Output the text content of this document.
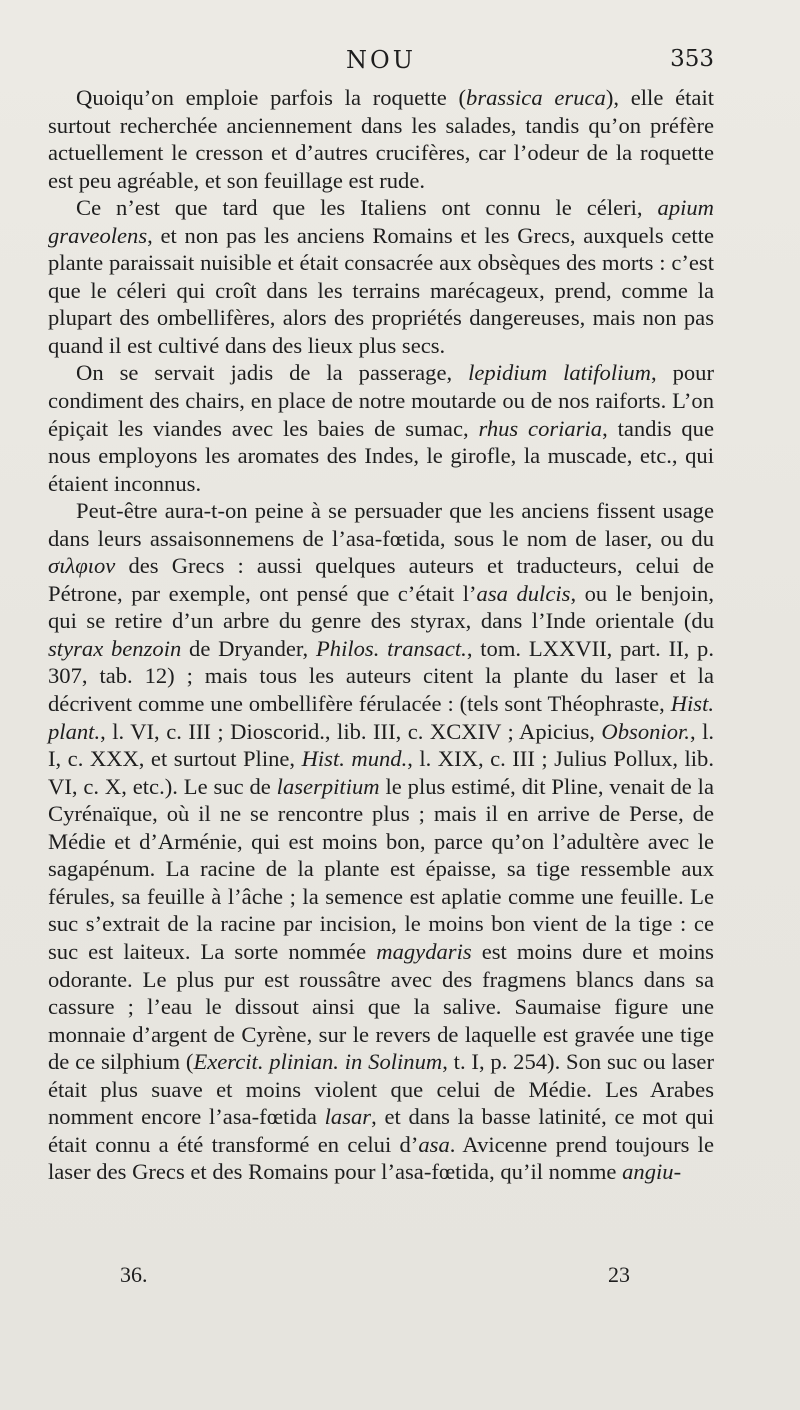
NOU	353

Quoiqu’on emploie parfois la roquette (brassica eruca), elle était surtout recherchée anciennement dans les salades, tandis qu’on préfère actuellement le cresson et d’autres crucifères, car l’odeur de la roquette est peu agréable, et son feuillage est rude.

Ce n’est que tard que les Italiens ont connu le céleri, apium graveolens, et non pas les anciens Romains et les Grecs, auxquels cette plante paraissait nuisible et était consacrée aux obsèques des morts : c’est que le céleri qui croît dans les terrains marécageux, prend, comme la plupart des ombellifères, alors des propriétés dangereuses, mais non pas quand il est cultivé dans des lieux plus secs.

On se servait jadis de la passerage, lepidium latifolium, pour condiment des chairs, en place de notre moutarde ou de nos raiforts. L’on épiçait les viandes avec les baies de sumac, rhus coriaria, tandis que nous employons les aromates des Indes, le girofle, la muscade, etc., qui étaient inconnus.

Peut-être aura-t-on peine à se persuader que les anciens fissent usage dans leurs assaisonnemens de l’asa-fœtida, sous le nom de laser, ou du σιλφιον des Grecs : aussi quelques auteurs et traducteurs, celui de Pétrone, par exemple, ont pensé que c’était l’asa dulcis, ou le benjoin, qui se retire d’un arbre du genre des styrax, dans l’Inde orientale (du styrax benzoin de Dryander, Philos. transact., tom. LXXVII, part. II, p. 307, tab. 12) ; mais tous les auteurs citent la plante du laser et la décrivent comme une ombellifère férulacée : (tels sont Théophraste, Hist. plant., l. VI, c. III ; Dioscorid., lib. III, c. XCXIV ; Apicius, Obsonior., l. I, c. XXX, et surtout Pline, Hist. mund., l. XIX, c. III ; Julius Pollux, lib. VI, c. X, etc.). Le suc de laserpitium le plus estimé, dit Pline, venait de la Cyrénaïque, où il ne se rencontre plus ; mais il en arrive de Perse, de Médie et d’Arménie, qui est moins bon, parce qu’on l’adultère avec le sagapénum. La racine de la plante est épaisse, sa tige ressemble aux férules, sa feuille à l’âche ; la semence est aplatie comme une feuille. Le suc s’extrait de la racine par incision, le moins bon vient de la tige : ce suc est laiteux. La sorte nommée magydaris est moins dure et moins odorante. Le plus pur est roussâtre avec des fragmens blancs dans sa cassure ; l’eau le dissout ainsi que la salive. Saumaise figure une monnaie d’argent de Cyrène, sur le revers de laquelle est gravée une tige de ce silphium (Exercit. plinian. in Solinum, t. I, p. 254). Son suc ou laser était plus suave et moins violent que celui de Médie. Les Arabes nomment encore l’asa-fœtida lasar, et dans la basse latinité, ce mot qui était connu a été transformé en celui d’asa. Avicenne prend toujours le laser des Grecs et des Romains pour l’asa-fœtida, qu’il nomme angiu-

36.	23
